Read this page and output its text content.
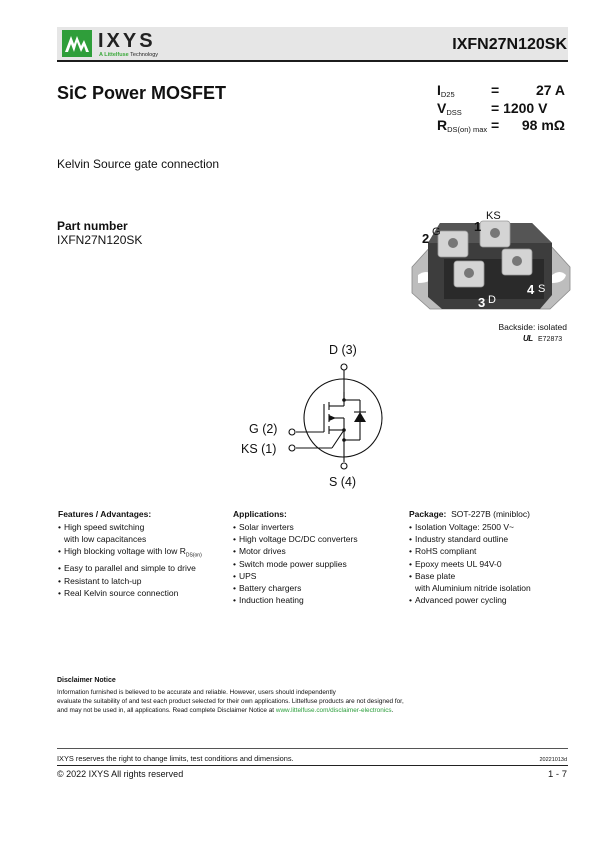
IXYS
A Littelfuse Technology
IXFN27N120SK
SiC Power MOSFET	$I_{D25}$	=	27 A
$V_{DSS} = 1200$ V
$R_{DS(on) max} = 98$ mΩ
Kelvin Source gate connection
Part number
IXFN27N120SK
KS
1
G
2
3 D
4 S
Backside: isolated
UL E72873
D (3)
G (2)
KS (1)
S (4)
Features / Advantages:
• High speed switching
with low capacitances
• High blocking voltage with low $R_{DS(on)}$
• Easy to parallel and simple to drive
• Resistant to latch-up
• Real Kelvin source connection
Applications:
• Solar inverters
• High voltage DC/DC converters
• Motor drives
• Switch mode power supplies
• UPS
• Battery chargers
• Induction heating
Package: SOT-227B (minibloc)
• Isolation Voltage: 2500 V~
• Industry standard outline
• RoHS compliant
• Epoxy meets UL 94V-0
• Base plate
with Aluminium nitride isolation
• Advanced power cycling
Disclaimer Notice
Information furnished is believed to be accurate and reliable. However, users should independently
evaluate the suitability of and test each product selected for their own applications. Littelfuse products are not designed for,
and may not be used in, all applications. Read complete Disclaimer Notice at www.littelfuse.com/disclaimer-electronics.
IXYS reserves the right to change limits, test conditions and dimensions.	20221013d
© 2022 IXYS All rights reserved	1 - 7
